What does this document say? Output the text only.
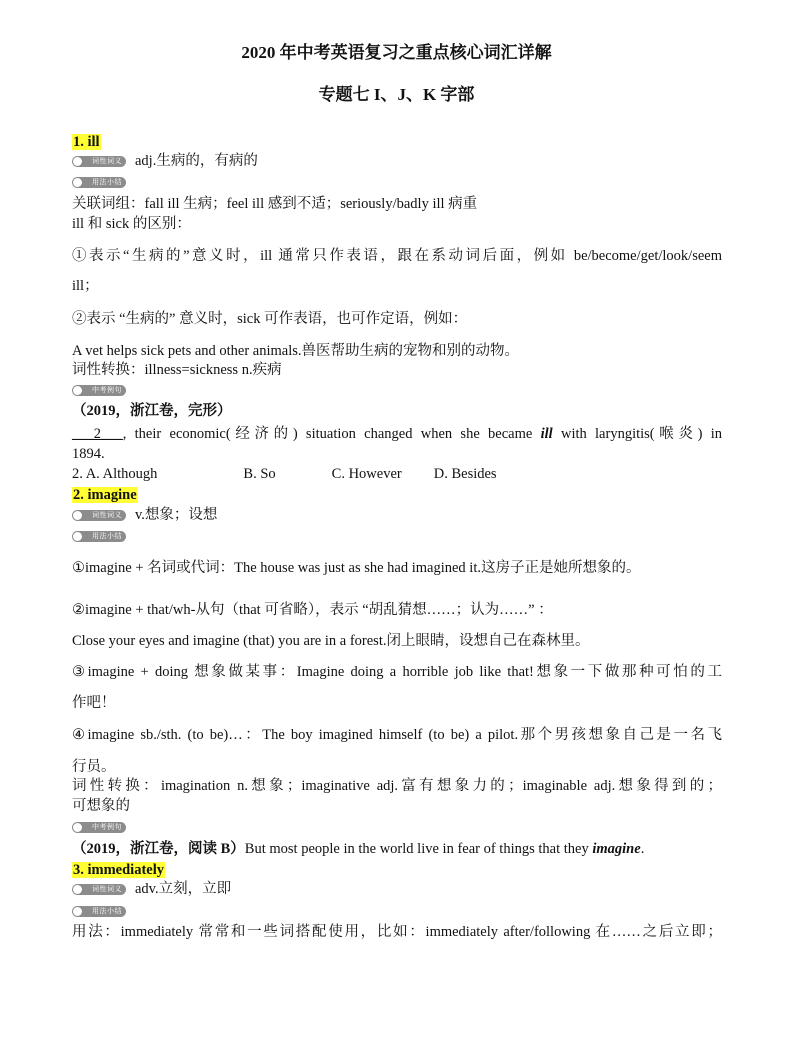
2020 年中考英语复习之重点核心词汇详解
专题七 I、J、K 字部
1. ill
词性词义 adj.生病的，有病的
用法小结
关联词组：fall ill 生病；feel ill 感到不适；seriously/badly ill 病重
ill 和 sick 的区别：
①表示“生病的”意义时，ill 通常只作表语，跟在系动词后面，例如 be/become/get/look/seem
ill；
②表示 “生病的” 意义时，sick 可作表语，也可作定语，例如：
A vet helps sick pets and other animals.兽医帮助生病的宠物和别的动物。
词性转换：illness=sickness n.疾病
中考例句
（2019，浙江卷，完形）
___2___, their economic(经济的) situation changed when she became ill with laryngitis(喉炎) in
1894.
2. A. Although	B. So	C. However D. Besides
2. imagine
词性词义 v.想象；设想
用法小结
①imagine + 名词或代词：The house was just as she had imagined it.这房子正是她所想象的。
②imagine + that/wh-从句（that 可省略），表示 “胡乱猜想……；认为……” ：
Close your eyes and imagine (that) you are in a forest.闭上眼睛，设想自己在森林里。
③imagine + doing 想象做某事：Imagine doing a horrible job like that!想象一下做那种可怕的工
作吧！
④imagine sb./sth. (to be)…：The boy imagined himself (to be) a pilot.那个男孩想象自己是一名飞
行员。
词性转换：imagination n.想象；imaginative adj.富有想象力的；imaginable adj.想象得到的；
可想象的
中考例句
（2019，浙江卷，阅读 B）But most people in the world live in fear of things that they imagine.
3. immediately
词性词义 adv.立刻，立即
用法小结
用法：immediately 常常和一些词搭配使用，比如：immediately after/following 在……之后立即；
